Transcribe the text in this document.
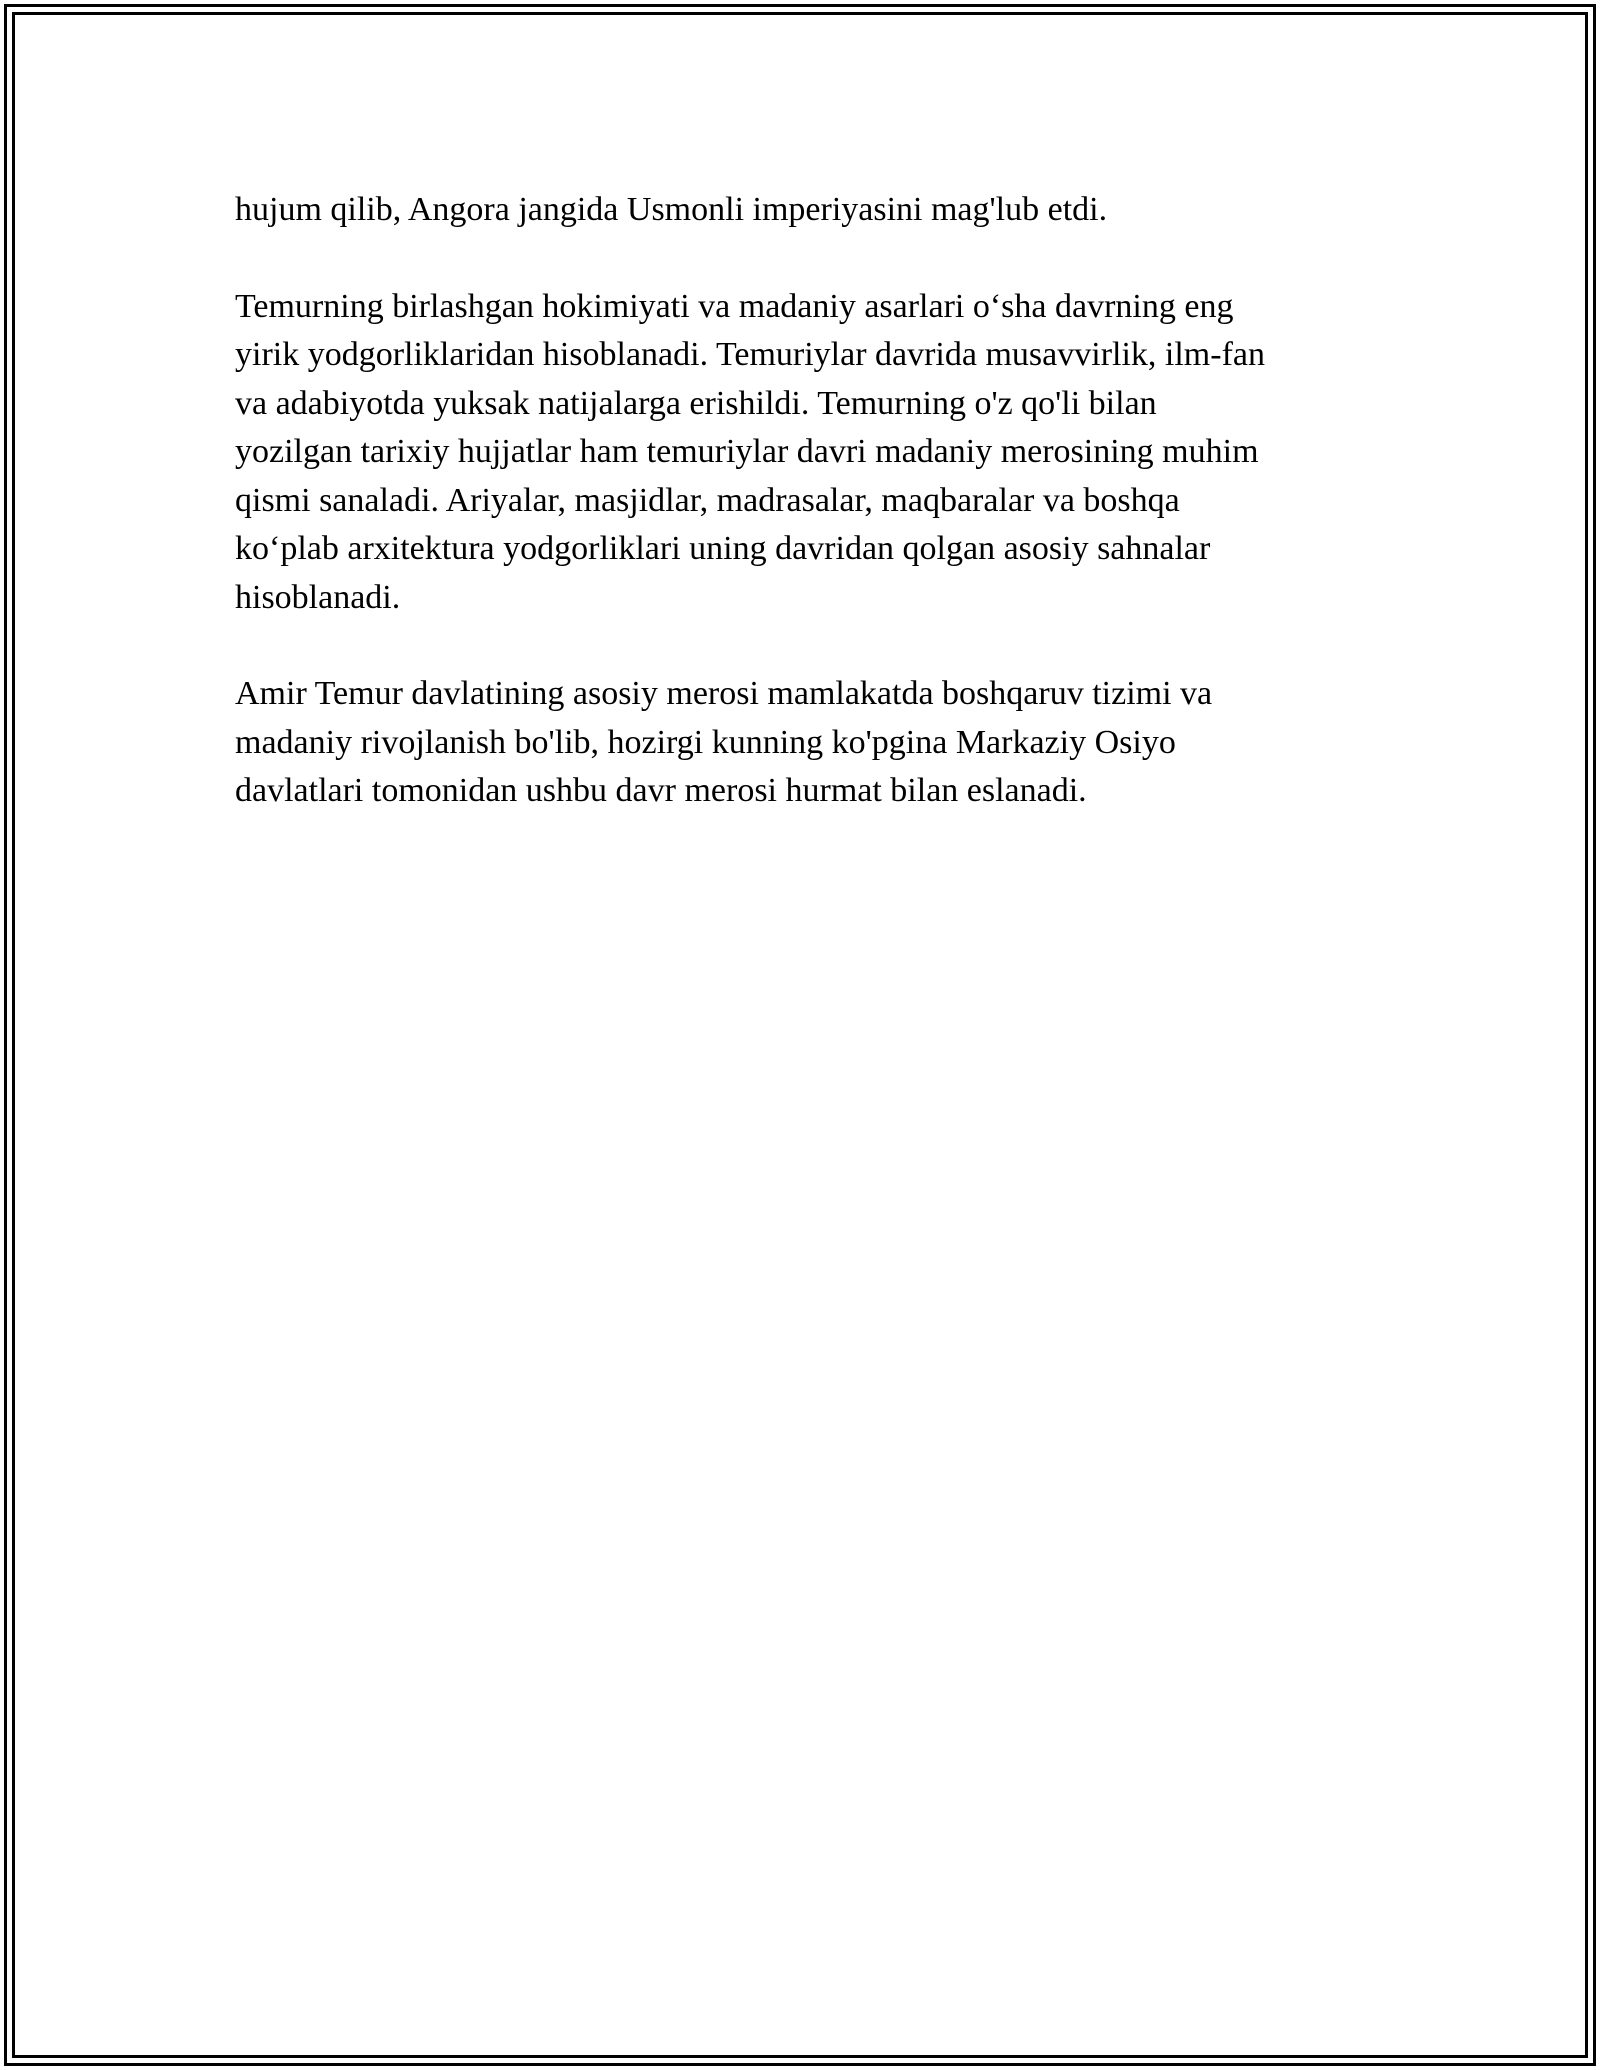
hujum qilib, Angora jangida Usmonli imperiyasini mag'lub etdi.

Temurning birlashgan hokimiyati va madaniy asarlari o‘sha davrning eng
yirik yodgorliklaridan hisoblanadi. Temuriylar davrida musavvirlik, ilm-fan
va adabiyotda yuksak natijalarga erishildi. Temurning o'z qo'li bilan
yozilgan tarixiy hujjatlar ham temuriylar davri madaniy merosining muhim
qismi sanaladi. Ariyalar, masjidlar, madrasalar, maqbaralar va boshqa
ko‘plab arxitektura yodgorliklari uning davridan qolgan asosiy sahnalar
hisoblanadi.

Amir Temur davlatining asosiy merosi mamlakatda boshqaruv tizimi va
madaniy rivojlanish bo'lib, hozirgi kunning ko'pgina Markaziy Osiyo
davlatlari tomonidan ushbu davr merosi hurmat bilan eslanadi.
